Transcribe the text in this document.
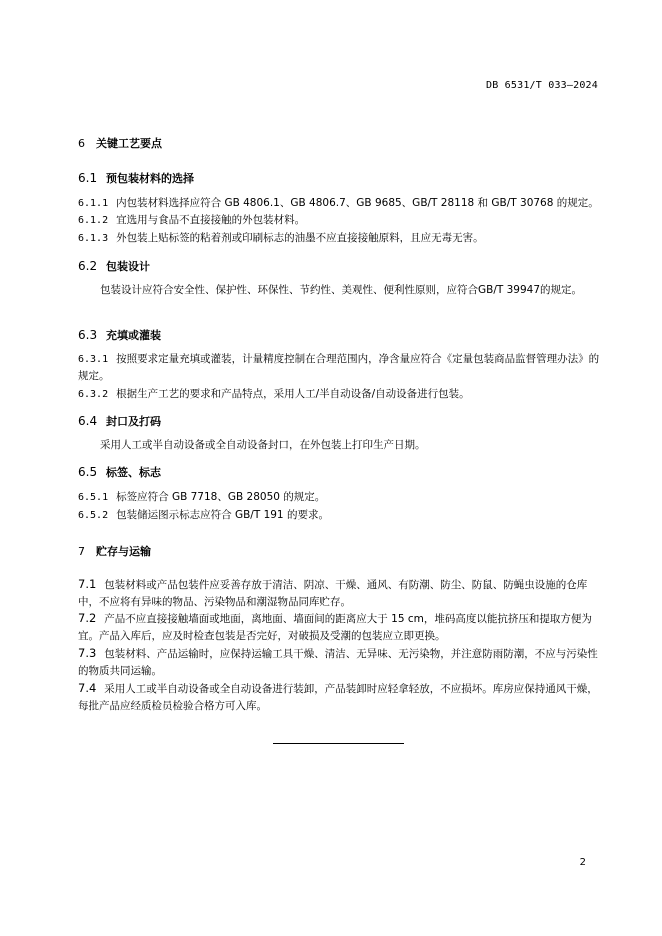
DB 6531/T 033—2024
6 关键工艺要点
6.1 预包装材料的选择
6.1.1 内包装材料选择应符合 GB 4806.1、GB 4806.7、GB 9685、GB/T 28118 和 GB/T 30768 的规定。
6.1.2 宜选用与食品不直接接触的外包装材料。
6.1.3 外包装上贴标签的粘着剂或印刷标志的油墨不应直接接触原料，且应无毒无害。
6.2 包装设计
包装设计应符合安全性、保护性、环保性、节约性、美观性、便利性原则，应符合GB/T 39947的规定。
6.3 充填或灌装
6.3.1 按照要求定量充填或灌装，计量精度控制在合理范围内，净含量应符合《定量包装商品监督管理办法》的规定。
6.3.2 根据生产工艺的要求和产品特点，采用人工/半自动设备/自动设备进行包装。
6.4 封口及打码
采用人工或半自动设备或全自动设备封口，在外包装上打印生产日期。
6.5 标签、标志
6.5.1 标签应符合 GB 7718、GB 28050 的规定。
6.5.2 包装储运图示标志应符合 GB/T 191 的要求。
7 贮存与运输
7.1 包装材料或产品包装件应妥善存放于清洁、阴凉、干燥、通风、有防潮、防尘、防鼠、防蝇虫设施的仓库中，不应将有异味的物品、污染物品和潮湿物品同库贮存。
7.2 产品不应直接接触墙面或地面，离地面、墙面间的距离应大于 15 cm，堆码高度以能抗挤压和提取方便为宜。产品入库后，应及时检查包装是否完好，对破损及受潮的包装应立即更换。
7.3 包装材料、产品运输时，应保持运输工具干燥、清洁、无异味、无污染物，并注意防雨防潮，不应与污染性的物质共同运输。
7.4 采用人工或半自动设备或全自动设备进行装卸，产品装卸时应轻拿轻放，不应损坏。库房应保持通风干燥，每批产品应经质检员检验合格方可入库。
2
